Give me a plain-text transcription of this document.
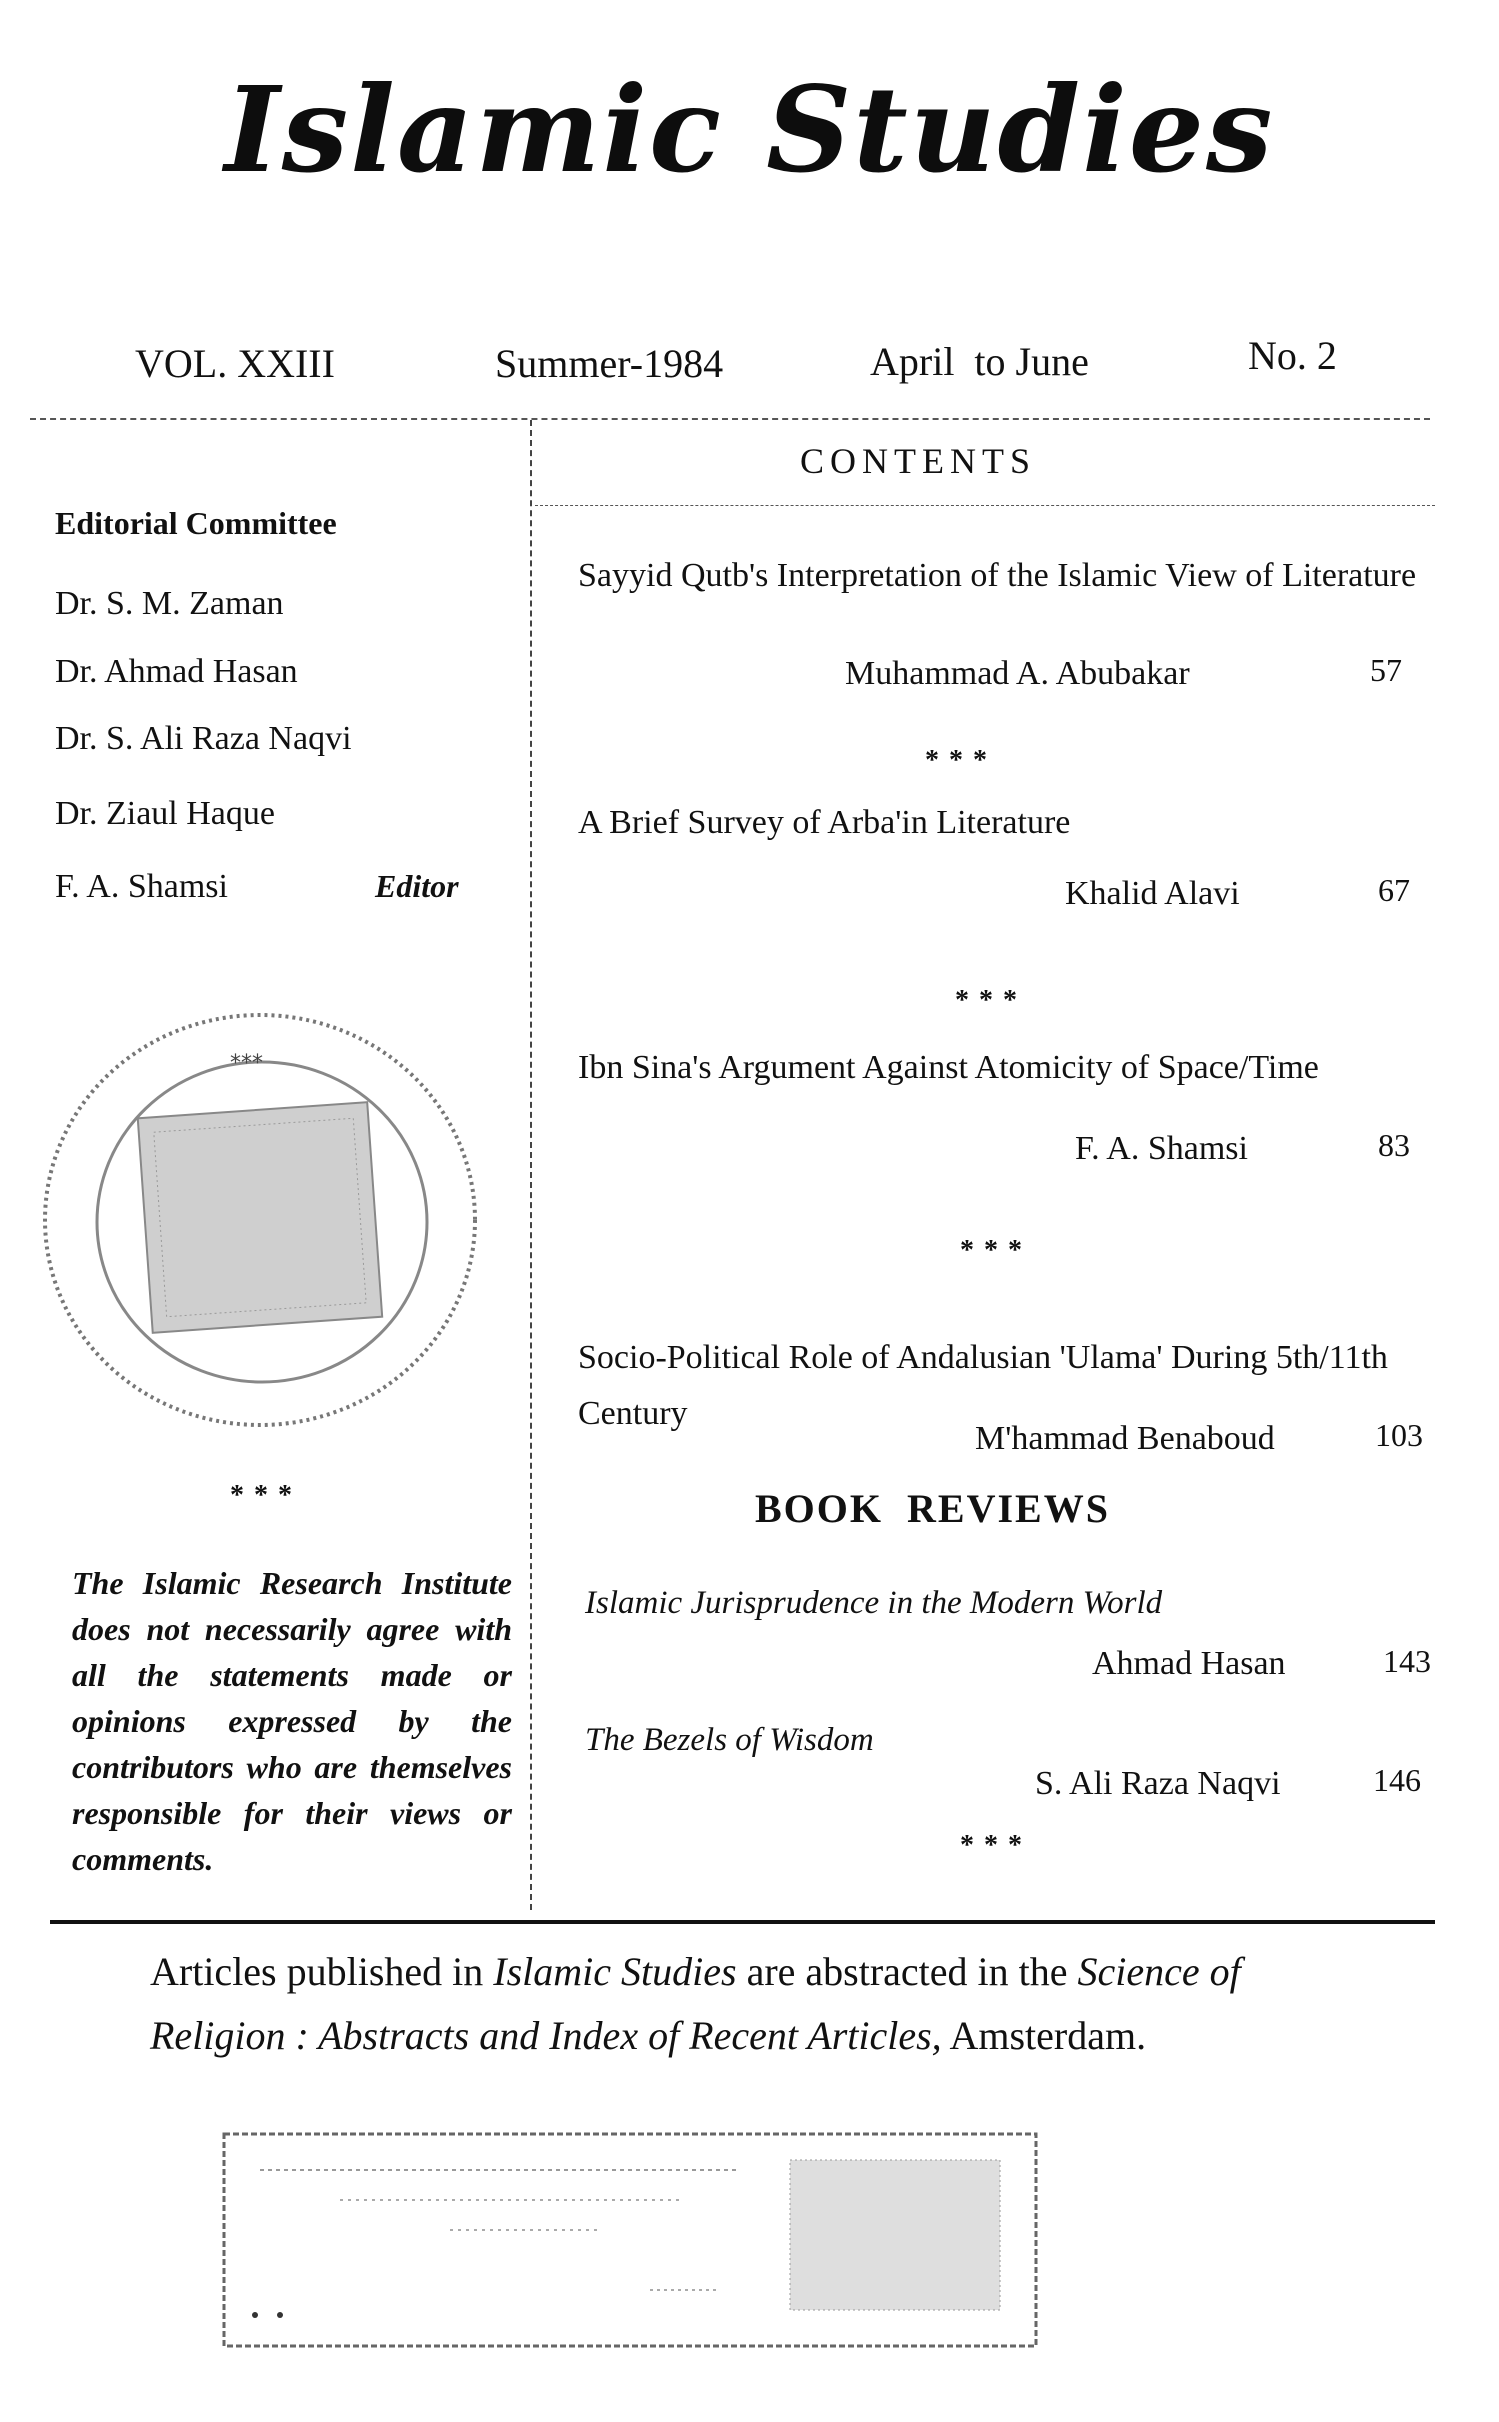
Islamic Studies
VOL. XXIII	Summer-1984	April  to June	No. 2
CONTENTS
Editorial Committee
Dr. S. M. Zaman
Dr. Ahmad Hasan
Dr. S. Ali Raza Naqvi
Dr. Ziaul Haque
F. A. Shamsi	Editor
***
***
The Islamic Research Institute does not necessarily agree with all the statements made or opinions expressed by the contributors who are themselves responsible for their views or comments.
Sayyid Qutb's Interpretation of the Islamic View of Literature
Muhammad A. Abubakar	57
***
A Brief Survey of Arba'in Literature
Khalid Alavi	67
***
Ibn Sina's Argument Against Atomicity of Space/Time
F. A. Shamsi	83
***
Socio-Political Role of Andalusian 'Ulama' During 5th/11th Century
M'hammad Benaboud	103
BOOK  REVIEWS
Islamic Jurisprudence in the Modern World
Ahmad Hasan	143
The Bezels of Wisdom
S. Ali Raza Naqvi	146
***
Articles published in Islamic Studies are abstracted in the Science of Religion : Abstracts and Index of Recent Articles, Amsterdam.
